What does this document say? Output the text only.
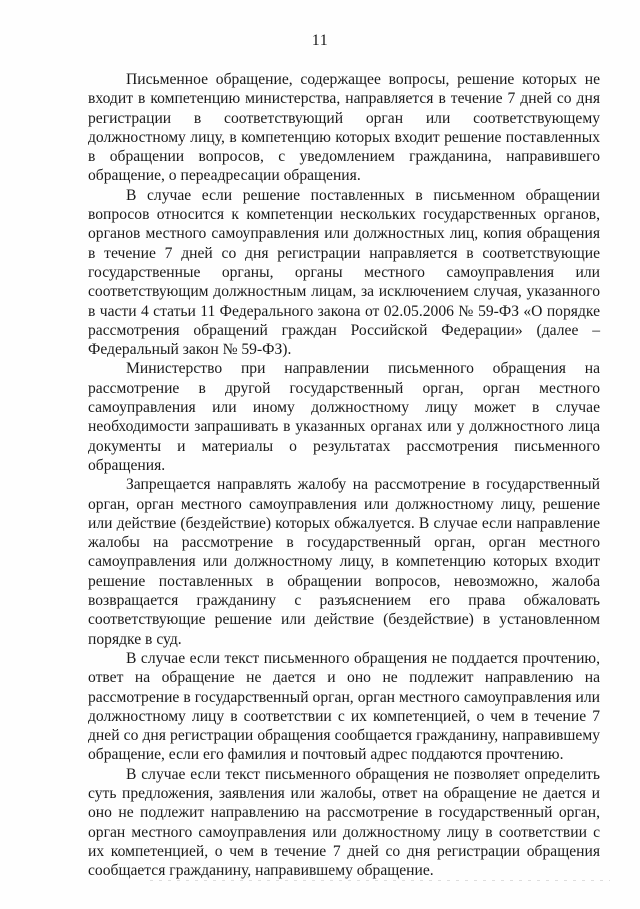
11

Письменное обращение, содержащее вопросы, решение которых не входит в компетенцию министерства, направляется в течение 7 дней со дня регистрации в соответствующий орган или соответствующему должностному лицу, в компетенцию которых входит решение поставленных в обращении вопросов, с уведомлением гражданина, направившего обращение, о переадресации обращения.

В случае если решение поставленных в письменном обращении вопросов относится к компетенции нескольких государственных органов, органов местного самоуправления или должностных лиц, копия обращения в течение 7 дней со дня регистрации направляется в соответствующие государственные органы, органы местного самоуправления или соответствующим должностным лицам, за исключением случая, указанного в части 4 статьи 11 Федерального закона от 02.05.2006 № 59-ФЗ «О порядке рассмотрения обращений граждан Российской Федерации» (далее – Федеральный закон № 59-ФЗ).

Министерство при направлении письменного обращения на рассмотрение в другой государственный орган, орган местного самоуправления или иному должностному лицу может в случае необходимости запрашивать в указанных органах или у должностного лица документы и материалы о результатах рассмотрения письменного обращения.

Запрещается направлять жалобу на рассмотрение в государственный орган, орган местного самоуправления или должностному лицу, решение или действие (бездействие) которых обжалуется. В случае если направление жалобы на рассмотрение в государственный орган, орган местного самоуправления или должностному лицу, в компетенцию которых входит решение поставленных в обращении вопросов, невозможно, жалоба возвращается гражданину с разъяснением его права обжаловать соответствующие решение или действие (бездействие) в установленном порядке в суд.

В случае если текст письменного обращения не поддается прочтению, ответ на обращение не дается и оно не подлежит направлению на рассмотрение в государственный орган, орган местного самоуправления или должностному лицу в соответствии с их компетенцией, о чем в течение 7 дней со дня регистрации обращения сообщается гражданину, направившему обращение, если его фамилия и почтовый адрес поддаются прочтению.

В случае если текст письменного обращения не позволяет определить суть предложения, заявления или жалобы, ответ на обращение не дается и оно не подлежит направлению на рассмотрение в государственный орган, орган местного самоуправления или должностному лицу в соответствии с их компетенцией, о чем в течение 7 дней со дня регистрации обращения сообщается гражданину, направившему обращение.
